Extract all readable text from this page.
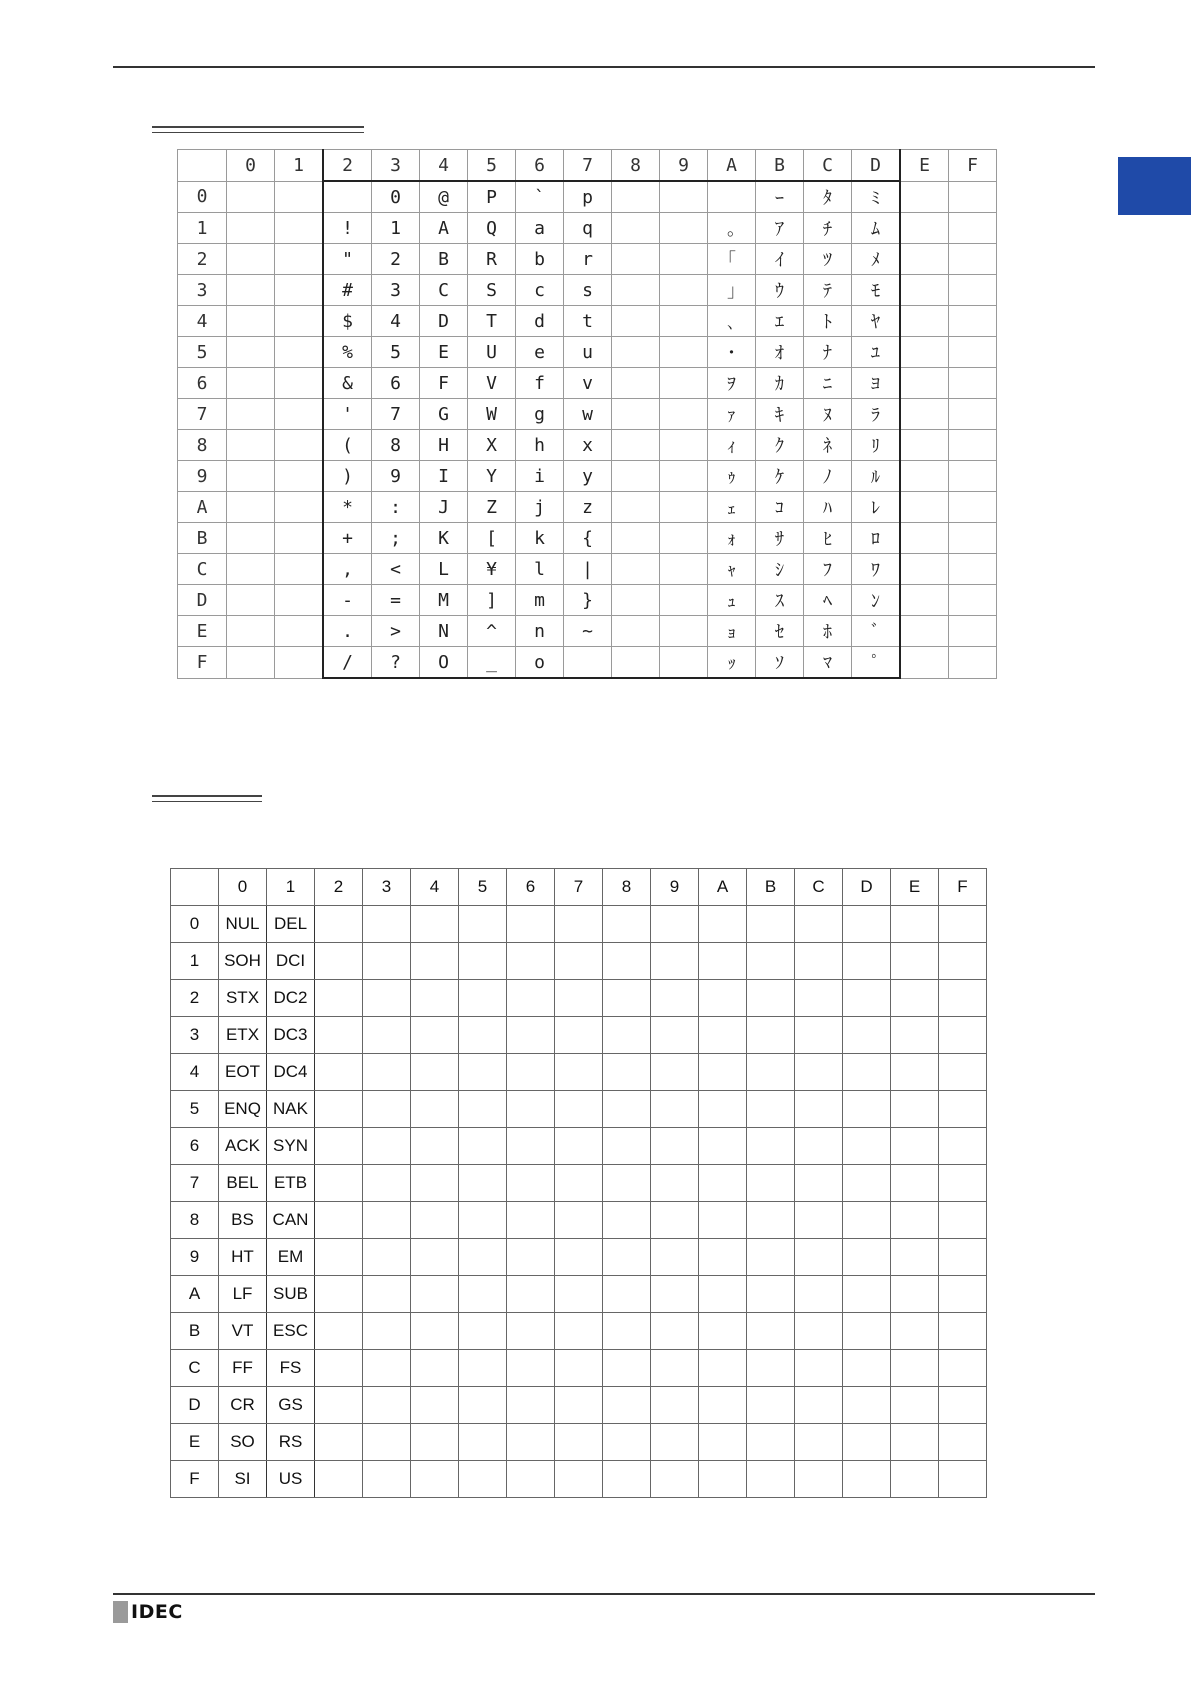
	0	1	2	3	4	5	6	7	8	9	A	B	C	D	E	F
0				0	@	P	`	p				ｰ	ﾀ	ﾐ		
1			!	1	A	Q	a	q			｡	ｱ	ﾁ	ﾑ		
2			"	2	B	R	b	r			｢	ｲ	ﾂ	ﾒ		
3			#	3	C	S	c	s			｣	ｳ	ﾃ	ﾓ		
4			$	4	D	T	d	t			､	ｴ	ﾄ	ﾔ		
5			%	5	E	U	e	u			･	ｵ	ﾅ	ﾕ		
6			&	6	F	V	f	v			ｦ	ｶ	ﾆ	ﾖ		
7			'	7	G	W	g	w			ｧ	ｷ	ﾇ	ﾗ		
8			(	8	H	X	h	x			ｨ	ｸ	ﾈ	ﾘ		
9			)	9	I	Y	i	y			ｩ	ｹ	ﾉ	ﾙ		
A			*	:	J	Z	j	z			ｪ	ｺ	ﾊ	ﾚ		
B			+	;	K	[	k	{			ｫ	ｻ	ﾋ	ﾛ		
C			,	<	L	¥	l	|			ｬ	ｼ	ﾌ	ﾜ		
D			-	=	M	]	m	}			ｭ	ｽ	ﾍ	ﾝ		
E			.	>	N	^	n	~			ｮ	ｾ	ﾎ	ﾞ		
F			/	?	O	_	o				ｯ	ｿ	ﾏ	ﾟ		
	0	1	2	3	4	5	6	7	8	9	A	B	C	D	E	F
0	NUL	DEL														
1	SOH	DCI														
2	STX	DC2														
3	ETX	DC3														
4	EOT	DC4														
5	ENQ	NAK														
6	ACK	SYN														
7	BEL	ETB														
8	BS	CAN														
9	HT	EM														
A	LF	SUB														
B	VT	ESC														
C	FF	FS														
D	CR	GS														
E	SO	RS														
F	SI	US														
IDEC
